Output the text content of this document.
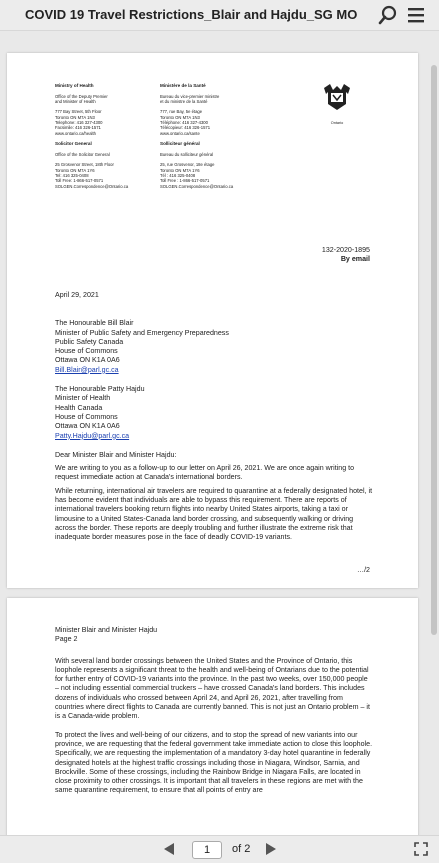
COVID 19 Travel Restrictions_Blair and Hajdu_SG MO
Ministry of Health

Office of the Deputy Premier
and Minister of Health

777 Bay Street, 5th Floor
Toronto ON M7A 1N3
Telephone: 416 327-4300
Facsimile: 416 326-1571
www.ontario.ca/health

Solicitor General

Office of the Solicitor General

25 Grosvenor Street, 18th Floor
Toronto ON M7A 1Y6
Tel: 416 325-0408
Toll Free: 1-866-517-0571
SOLGEN.Correspondence@Ontario.ca
Ministère de la Santé

Bureau du vice-premier ministre
et du ministre de la Santé

777, rue Bay, 5e étage
Toronto ON M7A 1N3
Téléphone: 416 327-4300
Télécopieur: 416 326-1571
www.ontario.ca/sante

Solliciteur général

Bureau du solliciteur général

25, rue Grosvenor, 18e étage
Toronto ON M7A 1Y6
Tél : 416 325-0408
Toll Free : 1-866-517-0571
SOLGEN.Correspondence@Ontario.ca
Ontario
132-2020-1895
By email
April 29, 2021
The Honourable Bill Blair
Minister of Public Safety and Emergency Preparedness
Public Safety Canada
House of Commons
Ottawa ON K1A 0A6
Bill.Blair@parl.gc.ca
The Honourable Patty Hajdu
Minister of Health
Health Canada
House of Commons
Ottawa ON K1A 0A6
Patty.Hajdu@parl.gc.ca

Dear Minister Blair and Minister Hajdu:

We are writing to you as a follow-up to our letter on April 26, 2021. We are once again writing to request immediate action at Canada's international borders.

While returning, international air travelers are required to quarantine at a federally designated hotel, it has become evident that individuals are able to bypass this requirement. There are reports of international travelers booking return flights into nearby United States airports, taking a taxi or limousine to a United States-Canada land border crossing, and subsequently walking or driving across the border. These reports are deeply troubling and further illustrate the extreme risk that inadequate border measures pose in the face of deadly COVID-19 variants.

…/2
Minister Blair and Minister Hajdu
Page 2

With several land border crossings between the United States and the Province of Ontario, this loophole represents a significant threat to the health and well-being of Ontarians due to the potential for further entry of COVID-19 variants into the province. In the past two weeks, over 150,000 people – not including essential commercial truckers – have crossed Canada's land borders. This includes dozens of individuals who crossed between April 24, and April 26, 2021, after travelling from countries where direct flights to Canada are currently banned. This is not just an Ontario problem – it is a Canada-wide problem.

To protect the lives and well-being of our citizens, and to stop the spread of new variants into our province, we are requesting that the federal government take immediate action to close this loophole. Specifically, we are requesting the implementation of a mandatory 3-day hotel quarantine in federally designated hotels at the highest traffic crossings including those in Niagara, Windsor, Sarnia, and Brockville. Some of these crossings, including the Rainbow Bridge in Niagara Falls, are located in close proximity to other crossings. It is important that all travelers in these regions are met with the same quarantine requirement, to ensure that all points of entry are

1	of 2
